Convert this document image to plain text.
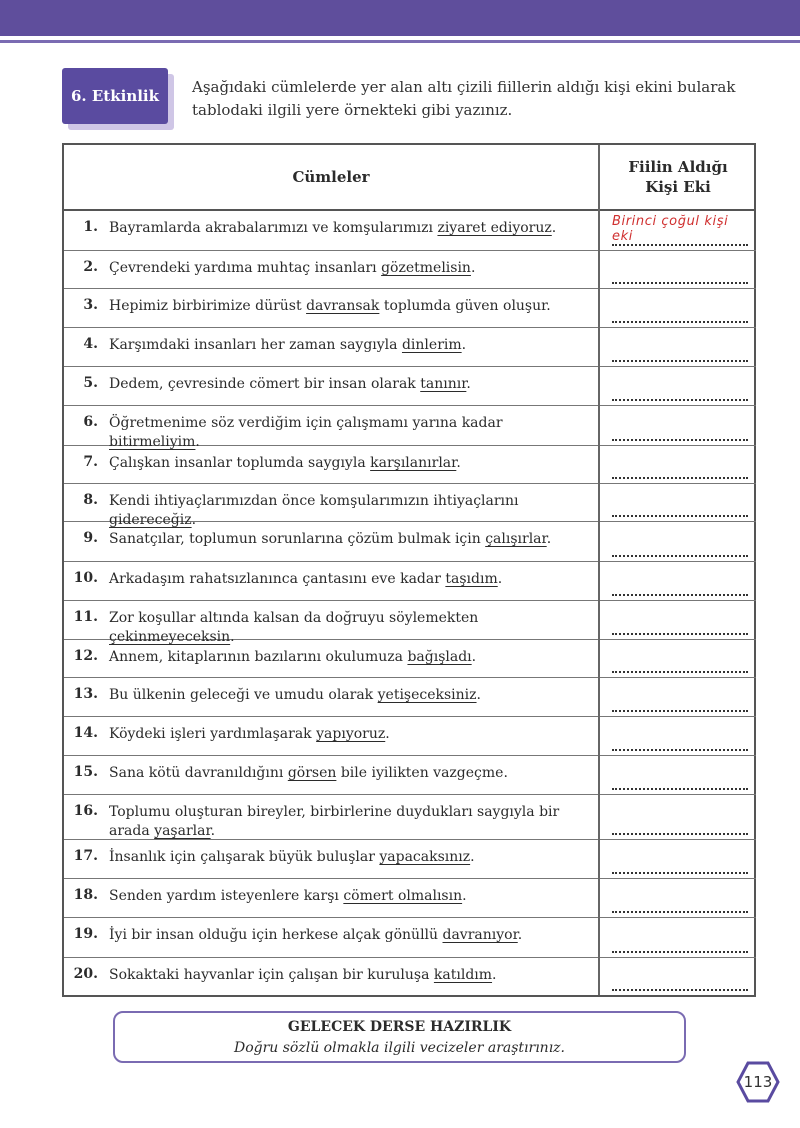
6. Etkinlik	Aşağıdaki cümlelerde yer alan altı çizili fiillerin aldığı kişi ekini bularak tablodaki ilgili yere örnekteki gibi yazınız.
Cümleler
Fiilin Aldığı
Kişi Eki
1. Bayramlarda akrabalarımızı ve komşularımızı ziyaret ediyoruz.	Birinci çoğul kişi eki
2. Çevrendeki yardıma muhtaç insanları gözetmelisin.
3. Hepimiz birbirimize dürüst davransak toplumda güven oluşur.
4. Karşımdaki insanları her zaman saygıyla dinlerim.
5. Dedem, çevresinde cömert bir insan olarak tanınır.
6. Öğretmenime söz verdiğim için çalışmamı yarına kadar bitirmeliyim.
7. Çalışkan insanlar toplumda saygıyla karşılanırlar.
8. Kendi ihtiyaçlarımızdan önce komşularımızın ihtiyaçlarını gidereceğiz.
9. Sanatçılar, toplumun sorunlarına çözüm bulmak için çalışırlar.
10. Arkadaşım rahatsızlanınca çantasını eve kadar taşıdım.
11. Zor koşullar altında kalsan da doğruyu söylemekten çekinmeyeceksin.
12. Annem, kitaplarının bazılarını okulumuza bağışladı.
13. Bu ülkenin geleceği ve umudu olarak yetişeceksiniz.
14. Köydeki işleri yardımlaşarak yapıyoruz.
15. Sana kötü davranıldığını görsen bile iyilikten vazgeçme.
16. Toplumu oluşturan bireyler, birbirlerine duydukları saygıyla bir arada yaşarlar.
17. İnsanlık için çalışarak büyük buluşlar yapacaksınız.
18. Senden yardım isteyenlere karşı cömert olmalısın.
19. İyi bir insan olduğu için herkese alçak gönüllü davranıyor.
20. Sokaktaki hayvanlar için çalışan bir kuruluşa katıldım.
GELECEK DERSE HAZIRLIK
Doğru sözlü olmakla ilgili vecizeler araştırınız.
113
